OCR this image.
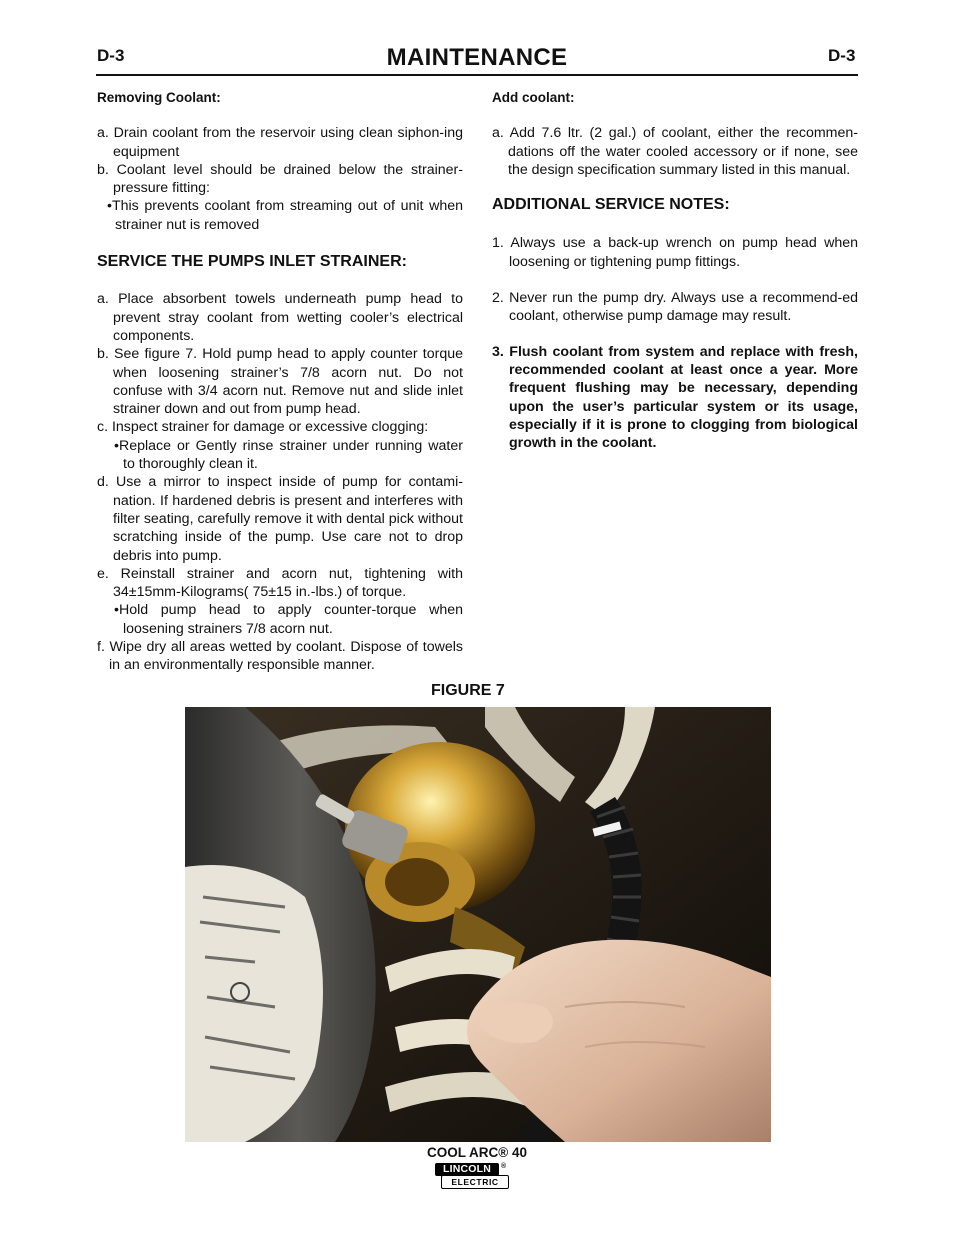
D-3	MAINTENANCE	D-3

Removing Coolant:

a. Drain coolant from the reservoir using clean siphon-ing equipment

b. Coolant level should be drained below the strainer-pressure fitting:

•This prevents coolant from streaming out of unit when strainer nut is removed

SERVICE THE PUMPS INLET STRAINER:

a. Place absorbent towels underneath pump head to prevent stray coolant from wetting cooler’s electrical components.

b. See figure 7. Hold pump head to apply counter torque when loosening strainer’s 7/8 acorn nut. Do not confuse with 3/4 acorn nut. Remove nut and slide inlet strainer down and out from pump head.

c. Inspect strainer for damage or excessive clogging:

•Replace or Gently rinse strainer under running water to thoroughly clean it.

d. Use a mirror to inspect inside of pump for contami-nation. If hardened debris is present and interferes with filter seating, carefully remove it with dental pick without scratching inside of the pump. Use care not to drop debris into pump.

e. Reinstall strainer and acorn nut, tightening with 34±15mm-Kilograms( 75±15 in.-lbs.) of torque.

•Hold pump head to apply counter-torque when loosening strainers 7/8 acorn nut.

f. Wipe dry all areas wetted by coolant. Dispose of towels in an environmentally responsible manner.

Add coolant:

a. Add 7.6 ltr. (2 gal.) of coolant, either the recommen-dations off the water cooled accessory or if none, see the design specification summary listed in this manual.

ADDITIONAL SERVICE NOTES:

1. Always use a back-up wrench on pump head when loosening or tightening pump fittings.

2. Never run the pump dry. Always use a recommend-ed coolant, otherwise pump damage may result.

3. Flush coolant from system and replace with fresh, recommended coolant at least once a year. More frequent flushing may be necessary, depending upon the user’s particular system or its usage, especially if it is prone to clogging from biological growth in the coolant.

FIGURE 7
COOL ARC® 40
LINCOLN	®
ELECTRIC
